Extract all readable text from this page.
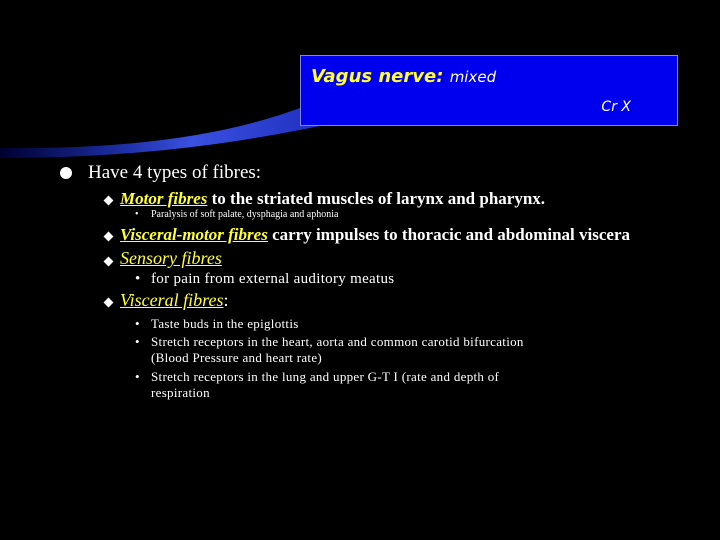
Vagus nerve: mixed
Cr X
Have 4 types of fibres:
Motor fibres to the striated muscles of larynx and pharynx.
• Paralysis of soft palate, dysphagia and aphonia
Visceral-motor fibres carry impulses to thoracic and abdominal viscera
Sensory fibres
• for pain from external auditory meatus
Visceral fibres:
• Taste buds in the epiglottis
• Stretch receptors in the heart, aorta and common carotid bifurcation
(Blood Pressure and heart rate)
• Stretch receptors in the lung and upper G-T I (rate and depth of
respiration
